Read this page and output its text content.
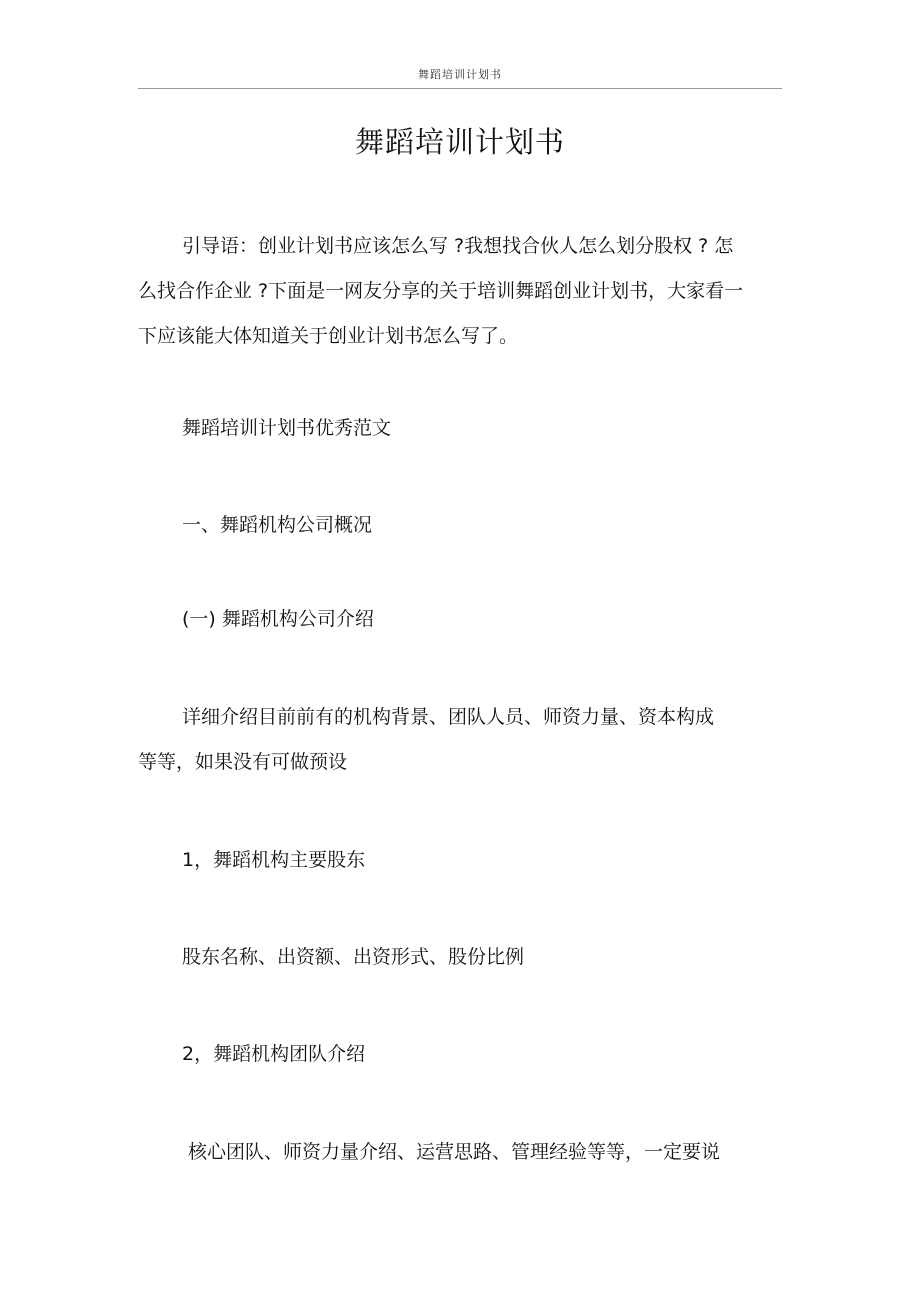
舞蹈培训计划书
舞蹈培训计划书
引导语：创业计划书应该怎么写 ?我想找合伙人怎么划分股权 ? 怎
么找合作企业 ?下面是一网友分享的关于培训舞蹈创业计划书，大家看一
下应该能大体知道关于创业计划书怎么写了。
舞蹈培训计划书优秀范文
一、舞蹈机构公司概况
(一) 舞蹈机构公司介绍
详细介绍目前前有的机构背景、团队人员、师资力量、资本构成
等等，如果没有可做预设
1，舞蹈机构主要股东
股东名称、出资额、出资形式、股份比例
2，舞蹈机构团队介绍
核心团队、师资力量介绍、运营思路、管理经验等等，一定要说
